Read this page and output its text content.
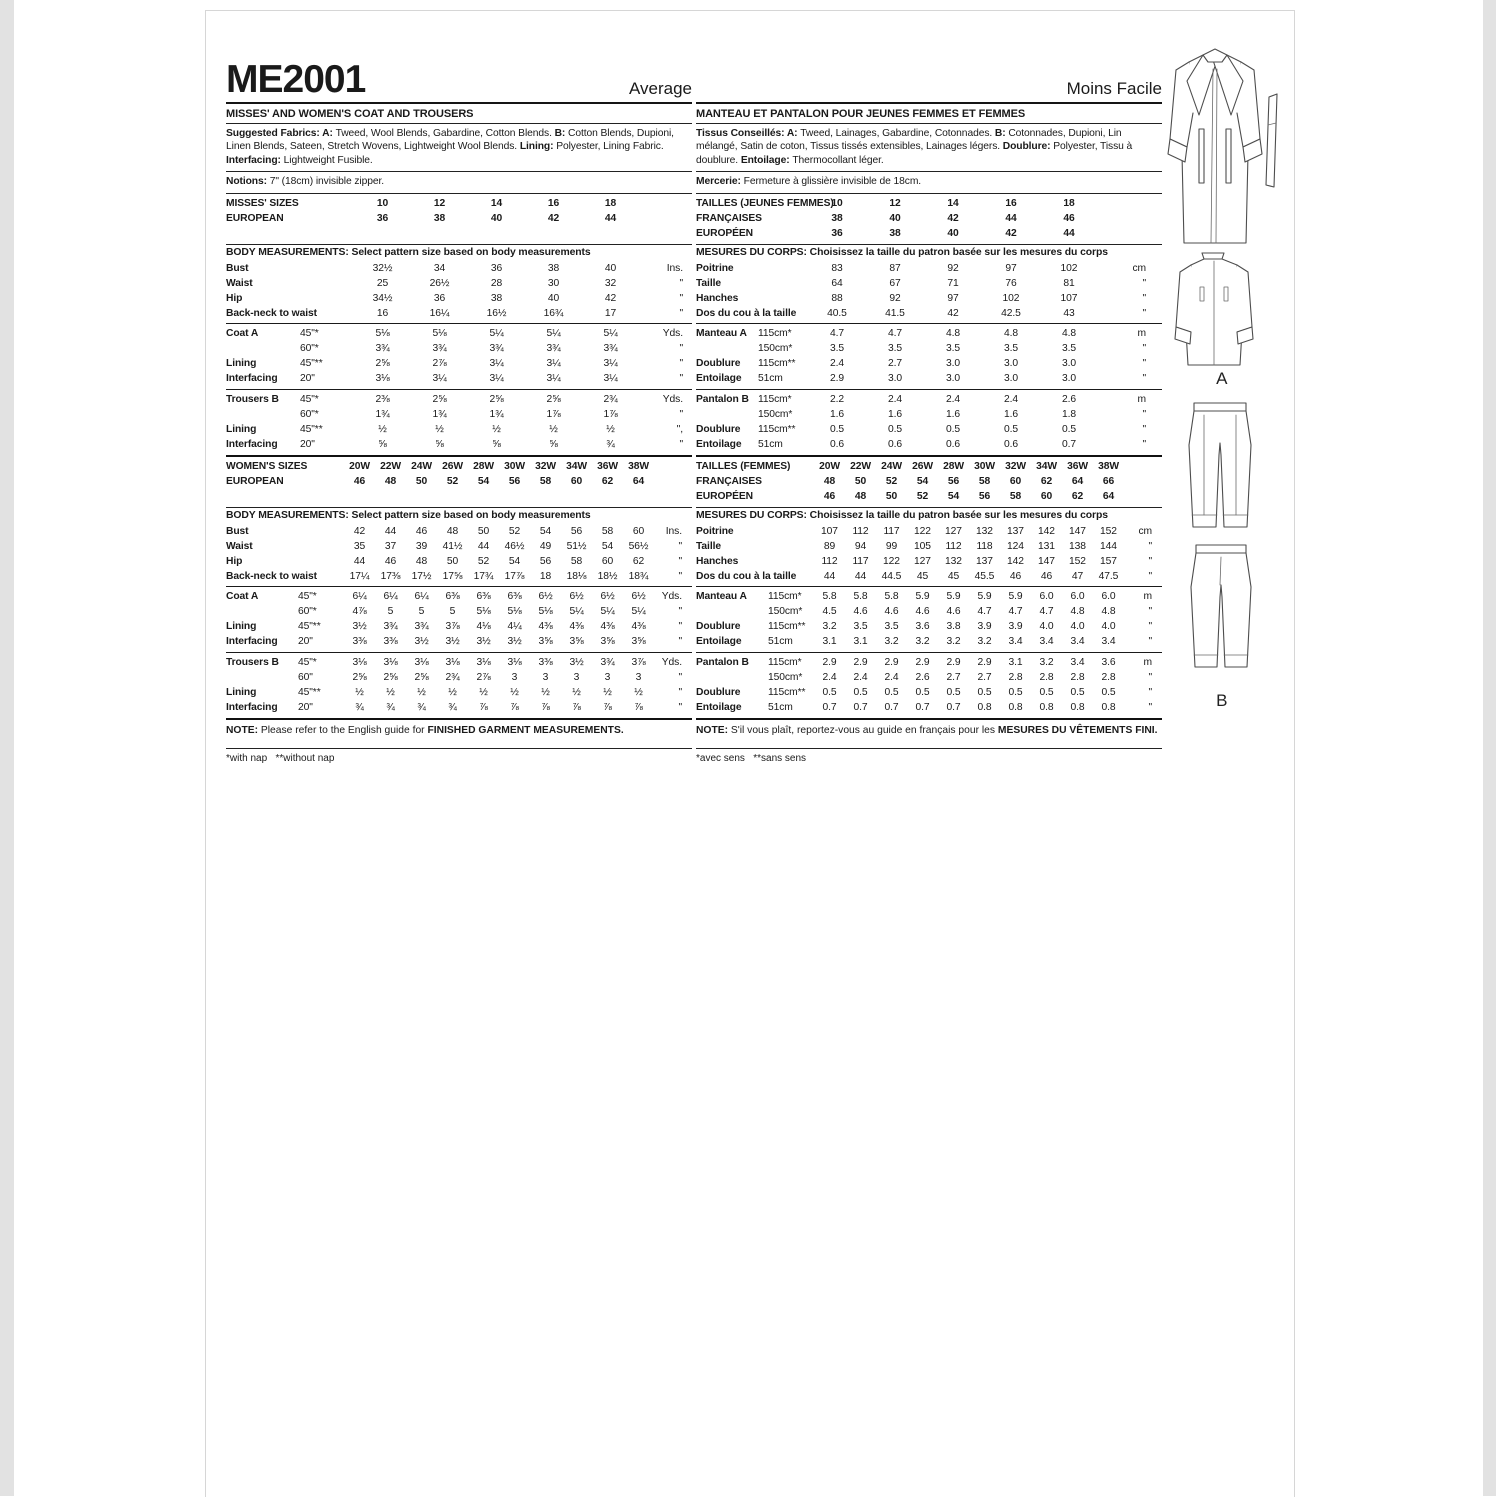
ME2001	Average
MISSES' AND WOMEN'S COAT AND TROUSERS
Suggested Fabrics: A: Tweed, Wool Blends, Gabardine, Cotton Blends. B: Cotton Blends, Dupioni, Linen Blends, Sateen, Stretch Wovens, Lightweight Wool Blends. Lining: Polyester, Lining Fabric. Interfacing: Lightweight Fusible.
Notions: 7" (18cm) invisible zipper.
MISSES' SIZES	10	12	14	16	18
EUROPEAN	36	38	40	42	44
BODY MEASUREMENTS: Select pattern size based on body measurements
Bust	32½	34	36	38	40	Ins.
Waist	25	26½	28	30	32	"
Hip	34½	36	38	40	42	"
Back-neck to waist	16	16¼	16½	16¾	17	"
Coat A	45"*	5⅛	5⅛	5¼	5¼	5¼	Yds.
60"*	3¾	3¾	3¾	3¾	3¾	"
Lining	45"**	2⅝	2⅞	3¼	3¼	3¼	"
Interfacing	20"	3⅛	3¼	3¼	3¼	3¼	"
Trousers B	45"*	2⅜	2⅝	2⅝	2⅝	2¾	Yds.
60"*	1¾	1¾	1¾	1⅞	1⅞	"
Lining	45"**	½	½	½	½	½	",
Interfacing	20"	⅝	⅝	⅝	⅝	¾	"
WOMEN'S SIZES	20W 22W 24W 26W 28W 30W 32W 34W 36W 38W
EUROPEAN	46	48	50	52	54	56	58	60	62	64
BODY MEASUREMENTS: Select pattern size based on body measurements
Bust	42	44	46	48	50	52	54	56	58	60	Ins.
Waist	35	37	39	41½	44	46½	49	51½	54	56½	"
Hip	44	46	48	50	52	54	56	58	60	62	"
Back-neck to waist	17¼	17⅜	17½	17⅝	17¾	17⅞	18	18⅛	18½	18¾	"
Coat A	45"*	6¼	6¼	6¼	6⅜	6⅜	6⅜	6½	6½	6½	6½	Yds.
60"*	4⅞	5	5	5	5⅛	5⅛	5⅛	5¼	5¼	5¼	"
Lining	45"**	3½	3¾	3¾	3⅞	4⅛	4¼	4⅜	4⅜	4⅜	4⅜	"
Interfacing	20"	3⅜	3⅜	3½	3½	3½	3½	3⅝	3⅝	3⅝	3⅝	"
Trousers B	45"*	3⅛	3⅛	3⅛	3⅛	3⅛	3⅛	3⅜	3½	3¾	3⅞	Yds.
60"	2⅝	2⅝	2⅝	2¾	2⅞	3	3	3	3	3	"
Lining	45"**	½	½	½	½	½	½	½	½	½	½	"
Interfacing	20"	¾	¾	¾	¾	⅞	⅞	⅞	⅞	⅞	⅞	"
NOTE: Please refer to the English guide for FINISHED GARMENT MEASUREMENTS.
*with nap   **without nap
Moins Facile
MANTEAU ET PANTALON POUR JEUNES FEMMES ET FEMMES
Tissus Conseillés: A: Tweed, Lainages, Gabardine, Cotonnades. B: Cotonnades, Dupioni, Lin mélangé, Satin de coton, Tissus tissés extensibles, Lainages légers. Doublure: Polyester, Tissu à doublure. Entoilage: Thermocollant léger.
Mercerie: Fermeture à glissière invisible de 18cm.
TAILLES (JEUNES FEMMES)
10	12	14	16	18
FRANÇAISES	38	40	42	44	46
EUROPÉEN	36	38	40	42	44
MESURES DU CORPS: Choisissez la taille du patron basée sur les mesures du corps
Poitrine	83	87	92	97	102	cm
Taille	64	67	71	76	81	"
Hanches	88	92	97	102	107	"
Dos du cou à la taille	40.5	41.5	42	42.5	43	"
Manteau A	115cm*	4.7	4.7	4.8	4.8	4.8	m
150cm*	3.5	3.5	3.5	3.5	3.5	"
Doublure	115cm**	2.4	2.7	3.0	3.0	3.0	"
Entoilage	51cm	2.9	3.0	3.0	3.0	3.0	"
Pantalon B 115cm*	2.2	2.4	2.4	2.4	2.6	m
150cm*	1.6	1.6	1.6	1.6	1.8	"
Doublure	115cm**	0.5	0.5	0.5	0.5	0.5	"
Entoilage	51cm	0.6	0.6	0.6	0.6	0.7	"
TAILLES (FEMMES)	20W 22W 24W 26W 28W 30W 32W 34W 36W 38W
FRANÇAISES	48	50	52	54	56	58	60	62	64	66
EUROPÉEN	46	48	50	52	54	56	58	60	62	64
MESURES DU CORPS: Choisissez la taille du patron basée sur les mesures du corps
Poitrine	107	112	117	122	127	132	137	142	147	152	cm
Taille	89	94	99	105	112	118	124	131	138	144	"
Hanches	112	117	122	127	132	137	142	147	152	157	"
Dos du cou à la taille	44	44	44.5	45	45	45.5	46	46	47	47.5	"
Manteau A	115cm*	5.8	5.8	5.8	5.9	5.9	5.9	5.9	6.0	6.0	6.0	m
150cm*	4.5	4.6	4.6	4.6	4.6	4.7	4.7	4.7	4.8	4.8	"
Doublure	115cm**	3.2	3.5	3.5	3.6	3.8	3.9	3.9	4.0	4.0	4.0	"
Entoilage	51cm	3.1	3.1	3.2	3.2	3.2	3.2	3.4	3.4	3.4	3.4	"
Pantalon B	115cm*	2.9	2.9	2.9	2.9	2.9	2.9	3.1	3.2	3.4	3.6	m
150cm*	2.4	2.4	2.4	2.6	2.7	2.7	2.8	2.8	2.8	2.8	"
Doublure	115cm**	0.5	0.5	0.5	0.5	0.5	0.5	0.5	0.5	0.5	0.5	"
Entoilage	51cm	0.7	0.7	0.7	0.7	0.7	0.8	0.8	0.8	0.8	0.8	"
NOTE: S'il vous plaît, reportez-vous au guide en français pour les MESURES DU VÊTEMENTS FINI.
*avec sens   **sans sens
A
B
